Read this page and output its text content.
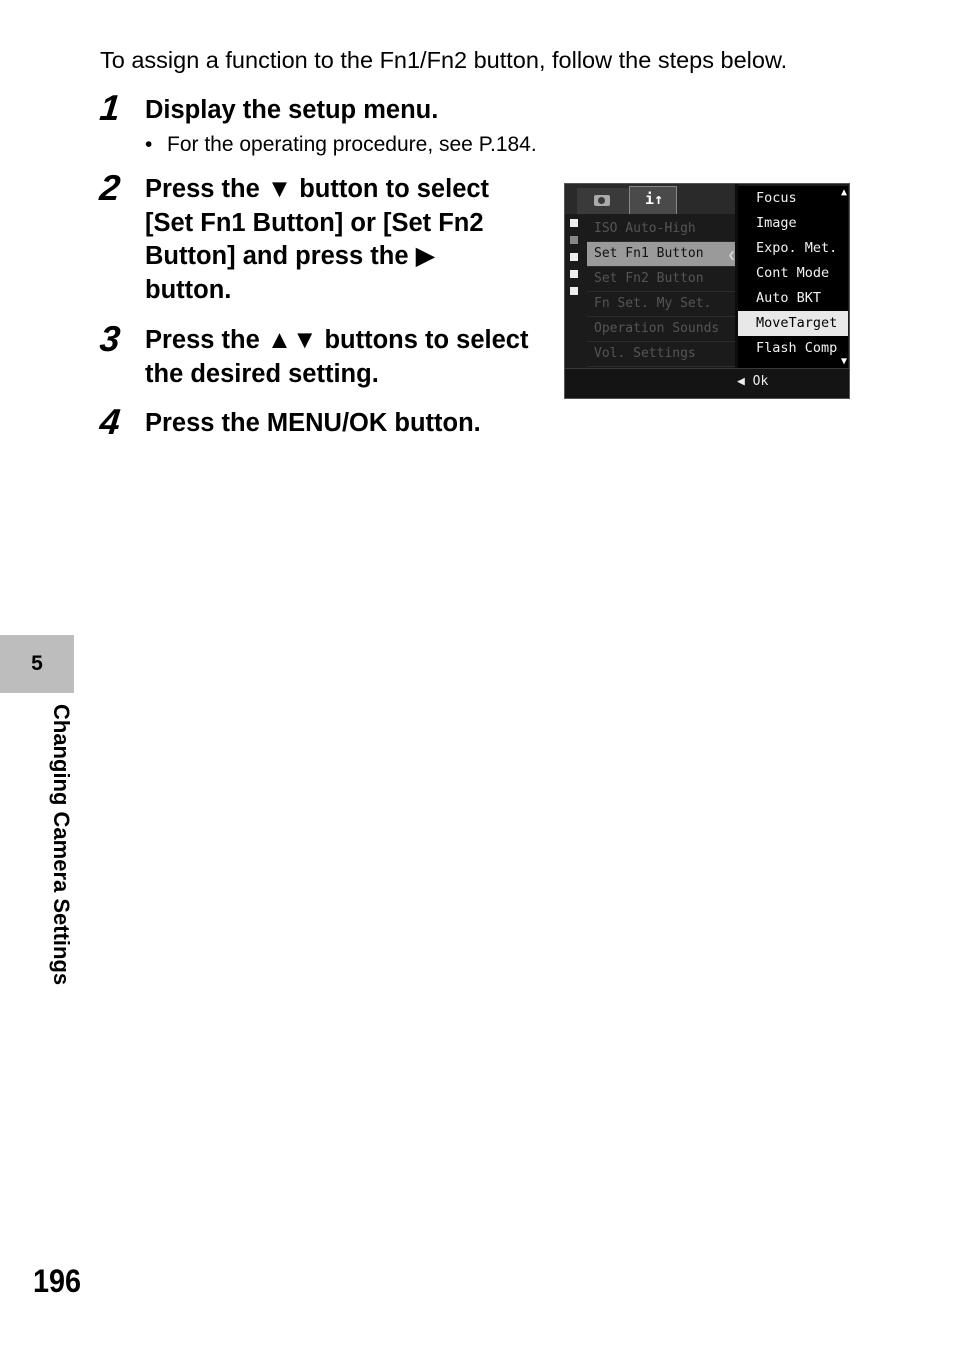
To assign a function to the Fn1/Fn2 button, follow the steps below.
1 Display the setup menu.
• For the operating procedure, see P.184.
2 Press the ▼ button to select
[Set Fn1 Button] or [Set Fn2
Button] and press the ▶
button.
3 Press the ▲▼ buttons to select
the desired setting.
4 Press the MENU/OK button.
i↑
ISO Auto-High
Set Fn1 Button
Set Fn2 Button
Fn Set. My Set.
Operation Sounds
Vol. Settings
❮
Focus
Image
Expo. Met.
Cont Mode
Auto BKT
MoveTarget
Flash Comp
▲
▼
◀ Ok
5
Changing Camera Settings
196
